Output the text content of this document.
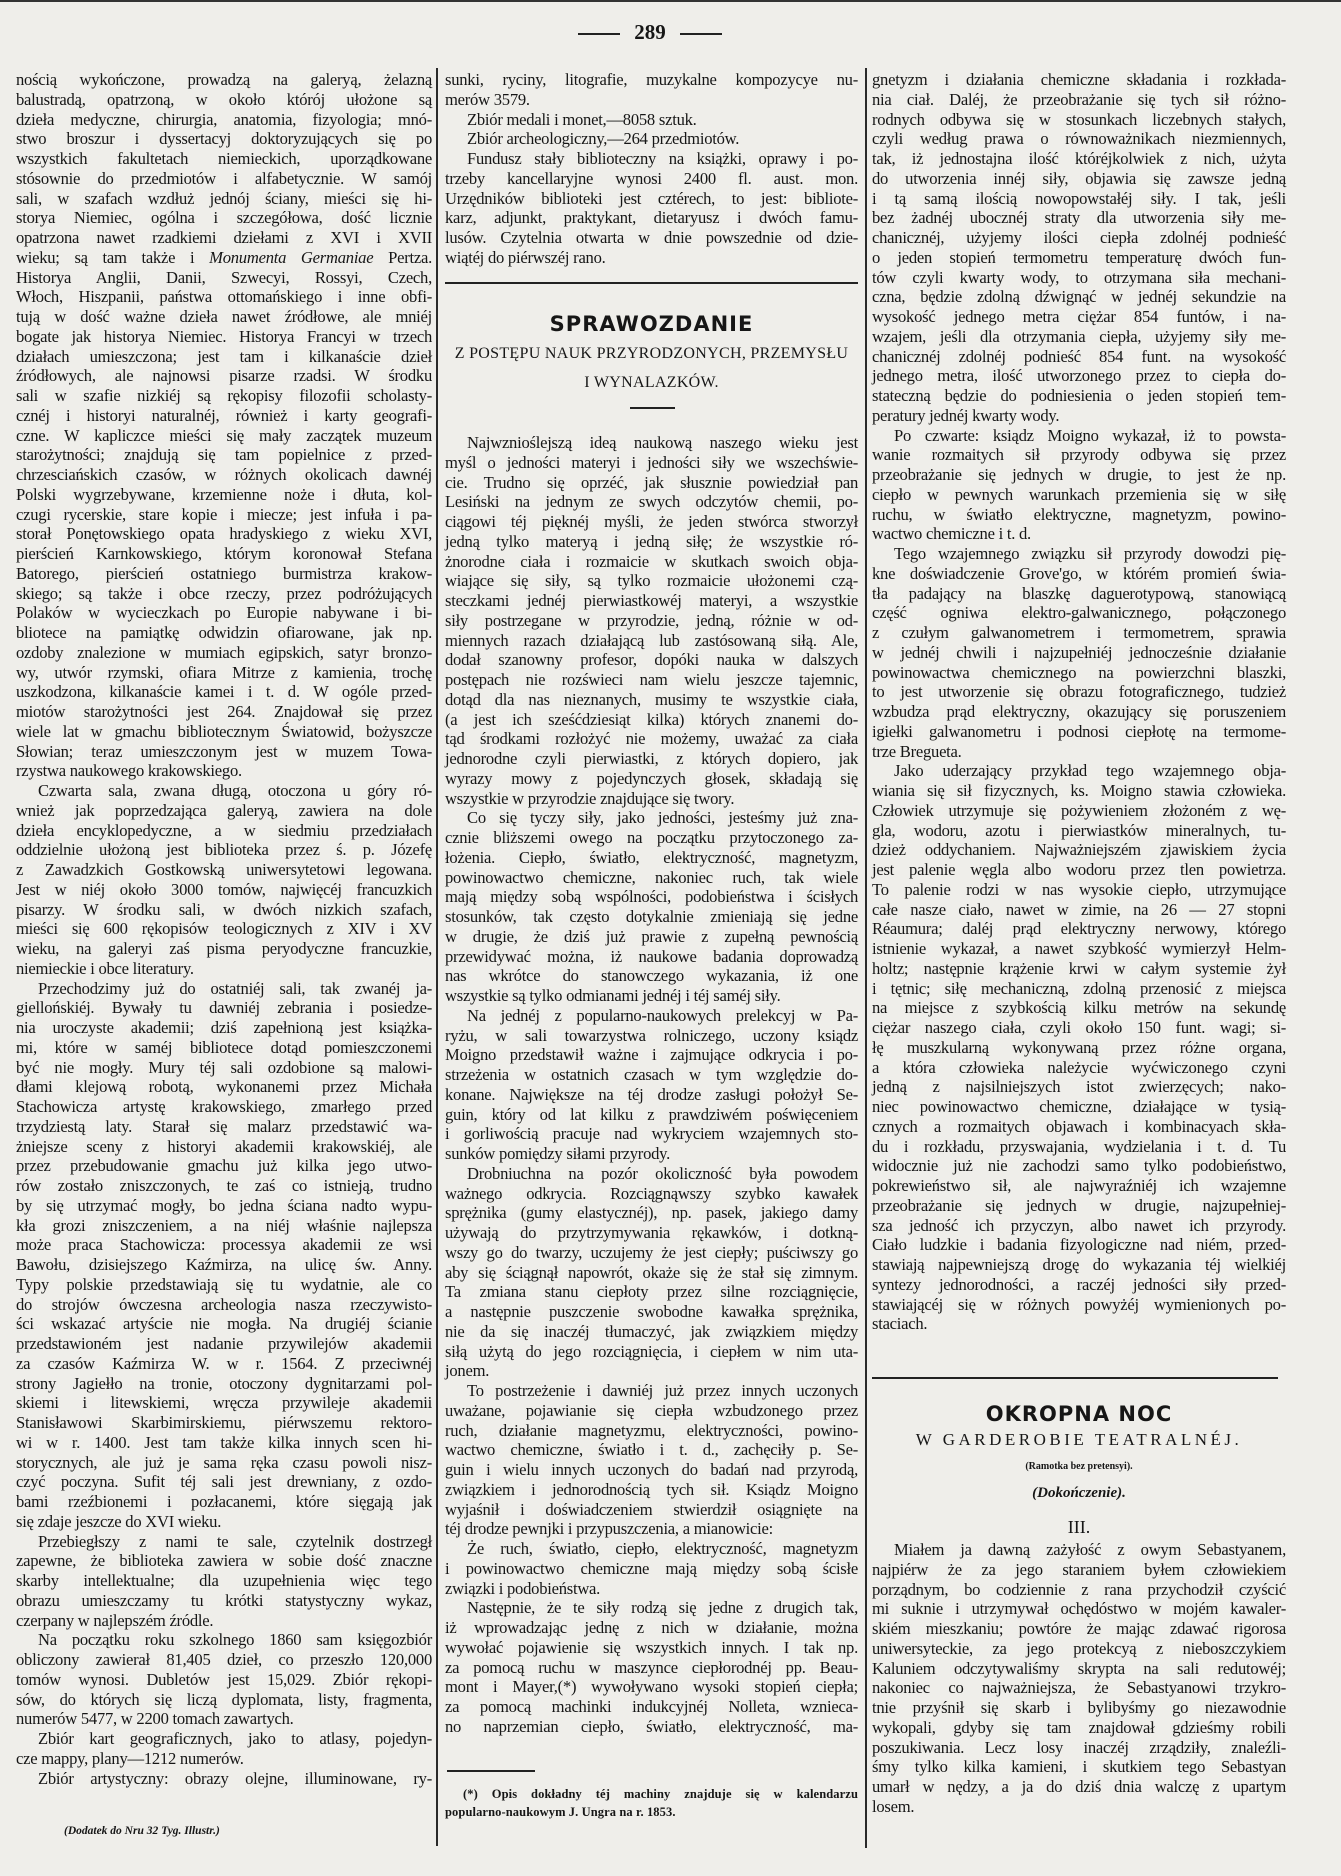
289
nością wykończone, prowadzą na galeryą, żelazną
balustradą, opatrzoną, w około którój ułożone są
dzieła medyczne, chirurgia, anatomia, fizyologia; mnó-
stwo broszur i dyssertacyj doktoryzujących się po
wszystkich fakultetach niemieckich, uporządkowane
stósownie do przedmiotów i alfabetycznie. W samój
sali, w szafach wzdłuż jednój ściany, mieści się hi-
storya Niemiec, ogólna i szczegółowa, dość licznie
opatrzona nawet rzadkiemi dziełami z XVI i XVII
wieku; są tam także i Monumenta Germaniae Pertza.
Historya Anglii, Danii, Szwecyi, Rossyi, Czech,
Włoch, Hiszpanii, państwa ottomańskiego i inne obfi-
tują w dość ważne dzieła nawet źródłowe, ale mniéj
bogate jak historya Niemiec. Historya Francyi w trzech
działach umieszczona; jest tam i kilkanaście dzieł
źródłowych, ale najnowsi pisarze rzadsi. W środku
sali w szafie nizkiéj są rękopisy filozofii scholasty-
cznéj i historyi naturalnéj, również i karty geografi-
czne. W kapliczce mieści się mały zaczątek muzeum
starożytności; znajdują się tam popielnice z przed-
chrzesciańskich czasów, w różnych okolicach dawnéj
Polski wygrzebywane, krzemienne noże i dłuta, kol-
czugi rycerskie, stare kopie i miecze; jest infuła i pa-
storał Ponętowskiego opata hradyskiego z wieku XVI,
pierścień Karnkowskiego, którym koronował Stefana
Batorego, pierścień ostatniego burmistrza krakow-
skiego; są także i obce rzeczy, przez podróżujących
Polaków w wycieczkach po Europie nabywane i bi-
bliotece na pamiątkę odwidzin ofiarowane, jak np.
ozdoby znalezione w mumiach egipskich, satyr bronzo-
wy, utwór rzymski, ofiara Mitrze z kamienia, trochę
uszkodzona, kilkanaście kamei i t. d. W ogóle przed-
miotów starożytności jest 264. Znajdował się przez
wiele lat w gmachu bibliotecznym Światowid, bożyszcze
Słowian; teraz umieszczonym jest w muzem Towa-
rzystwa naukowego krakowskiego.
Czwarta sala, zwana długą, otoczona u góry ró-
wnież jak poprzedzająca galeryą, zawiera na dole
dzieła encyklopedyczne, a w siedmiu przedziałach
oddzielnie ułożoną jest biblioteka przez ś. p. Józefę
z Zawadzkich Gostkowską uniwersytetowi legowana.
Jest w niéj około 3000 tomów, najwięcéj francuzkich
pisarzy. W środku sali, w dwóch nizkich szafach,
mieści się 600 rękopisów teologicznych z XIV i XV
wieku, na galeryi zaś pisma peryodyczne francuzkie,
niemieckie i obce literatury.
Przechodzimy już do ostatniéj sali, tak zwanéj ja-
giellońskiéj. Bywały tu dawniéj zebrania i posiedze-
nia uroczyste akademii; dziś zapełnioną jest książka-
mi, które w saméj bibliotece dotąd pomieszczonemi
być nie mogły. Mury téj sali ozdobione są malowi-
dłami klejową robotą, wykonanemi przez Michała
Stachowicza artystę krakowskiego, zmarłego przed
trzydziestą laty. Starał się malarz przedstawić wa-
żniejsze sceny z historyi akademii krakowskiéj, ale
przez przebudowanie gmachu już kilka jego utwo-
rów zostało zniszczonych, te zaś co istnieją, trudno
by się utrzymać mogły, bo jedna ściana nadto wypu-
kła grozi zniszczeniem, a na niéj właśnie najlepsza
może praca Stachowicza: processya akademii ze wsi
Bawołu, dzisiejszego Kaźmirza, na ulicę św. Anny.
Typy polskie przedstawiają się tu wydatnie, ale co
do strojów ówczesna archeologia nasza rzeczywisto-
ści wskazać artyście nie mogła. Na drugiéj ścianie
przedstawioném jest nadanie przywilejów akademii
za czasów Kaźmirza W. w r. 1564. Z przeciwnéj
strony Jagiełło na tronie, otoczony dygnitarzami pol-
skiemi i litewskiemi, wręcza przywileje akademii
Stanisławowi Skarbimirskiemu, piérwszemu rektoro-
wi w r. 1400. Jest tam także kilka innych scen hi-
storycznych, ale już je sama ręka czasu powoli nisz-
czyć poczyna. Sufit téj sali jest drewniany, z ozdo-
bami rzeźbionemi i pozłacanemi, które sięgają jak
się zdaje jeszcze do XVI wieku.
Przebiegłszy z nami te sale, czytelnik dostrzegł
zapewne, że biblioteka zawiera w sobie dość znaczne
skarby intellektualne; dla uzupełnienia więc tego
obrazu umieszczamy tu krótki statystyczny wykaz,
czerpany w najlepszém źródle.
Na początku roku szkolnego 1860 sam księgozbiór
obliczony zawierał 81,405 dzieł, co przeszło 120,000
tomów wynosi. Dubletów jest 15,029. Zbiór rękopi-
sów, do których się liczą dyplomata, listy, fragmenta,
numerów 5477, w 2200 tomach zawartych.
Zbiór kart geograficznych, jako to atlasy, pojedyn-
cze mappy, plany—1212 numerów.
Zbiór artystyczny: obrazy olejne, illuminowane, ry-
(Dodatek do Nru 32 Tyg. Illustr.)
sunki, ryciny, litografie, muzykalne kompozycye nu-
merów 3579.
Zbiór medali i monet,—8058 sztuk.
Zbiór archeologiczny,—264 przedmiotów.
Fundusz stały biblioteczny na książki, oprawy i po-
trzeby kancellaryjne wynosi 2400 fl. aust. mon.
Urzędników biblioteki jest cztérech, to jest: bibliote-
karz, adjunkt, praktykant, dietaryusz i dwóch famu-
lusów. Czytelnia otwarta w dnie powszednie od dzie-
wiątéj do piérwszéj rano.
SPRAWOZDANIE
Z POSTĘPU NAUK PRZYRODZONYCH, PRZEMYSŁU
I WYNALAZKÓW.
Najwznioślejszą ideą naukową naszego wieku jest
myśl o jedności materyi i jedności siły we wszechświe-
cie. Trudno się oprzéć, jak słusznie powiedział pan
Lesiński na jednym ze swych odczytów chemii, po-
ciągowi téj pięknéj myśli, że jeden stwórca stworzył
jedną tylko materyą i jedną siłę; że wszystkie ró-
żnorodne ciała i rozmaicie w skutkach swoich obja-
wiające się siły, są tylko rozmaicie ułożonemi czą-
steczkami jednéj pierwiastkowéj materyi, a wszystkie
siły postrzegane w przyrodzie, jedną, różnie w od-
miennych razach działającą lub zastósowaną siłą. Ale,
dodał szanowny profesor, dopóki nauka w dalszych
postępach nie rozświeci nam wielu jeszcze tajemnic,
dotąd dla nas nieznanych, musimy te wszystkie ciała,
(a jest ich sześćdziesiąt kilka) których znanemi do-
tąd środkami rozłożyć nie możemy, uważać za ciała
jednorodne czyli pierwiastki, z których dopiero, jak
wyrazy mowy z pojedynczych głosek, składają się
wszystkie w przyrodzie znajdujące się twory.
Co się tyczy siły, jako jedności, jesteśmy już zna-
cznie bliższemi owego na początku przytoczonego za-
łożenia. Ciepło, światło, elektryczność, magnetyzm,
powinowactwo chemiczne, nakoniec ruch, tak wiele
mają między sobą wspólności, podobieństwa i ścisłych
stosunków, tak często dotykalnie zmieniają się jedne
w drugie, że dziś już prawie z zupełną pewnością
przewidywać można, iż naukowe badania doprowadzą
nas wkrótce do stanowczego wykazania, iż one
wszystkie są tylko odmianami jednéj i téj saméj siły.
Na jednéj z popularno-naukowych prelekcyj w Pa-
ryżu, w sali towarzystwa rolniczego, uczony ksiądz
Moigno przedstawił ważne i zajmujące odkrycia i po-
strzeżenia w ostatnich czasach w tym względzie do-
konane. Największe na téj drodze zasługi położył Se-
guin, który od lat kilku z prawdziwém poświęceniem
i gorliwością pracuje nad wykryciem wzajemnych sto-
sunków pomiędzy siłami przyrody.
Drobniuchna na pozór okoliczność była powodem
ważnego odkrycia. Rozciągnąwszy szybko kawałek
sprężnika (gumy elastycznéj), np. pasek, jakiego damy
używają do przytrzymywania rękawków, i dotkną-
wszy go do twarzy, uczujemy że jest ciepły; puściwszy go
aby się ściągnął napowrót, okaże się że stał się zimnym.
Ta zmiana stanu ciepłoty przez silne rozciągnięcie,
a następnie puszczenie swobodne kawałka sprężnika,
nie da się inaczéj tłumaczyć, jak związkiem między
siłą użytą do jego rozciągnięcia, i ciepłem w nim uta-
jonem.
To postrzeżenie i dawniéj już przez innych uczonych
uważane, pojawianie się ciepła wzbudzonego przez
ruch, działanie magnetyzmu, elektryczności, powino-
wactwo chemiczne, światło i t. d., zachęciły p. Se-
guin i wielu innych uczonych do badań nad przyrodą,
związkiem i jednorodnością tych sił. Ksiądz Moigno
wyjaśnił i doświadczeniem stwierdził osiągnięte na
téj drodze pewnjki i przypuszczenia, a mianowicie:
Że ruch, światło, ciepło, elektryczność, magnetyzm
i powinowactwo chemiczne mają między sobą ścisłe
związki i podobieństwa.
Następnie, że te siły rodzą się jedne z drugich tak,
iż wprowadzając jednę z nich w działanie, można
wywołać pojawienie się wszystkich innych. I tak np.
za pomocą ruchu w maszynce ciepłorodnéj pp. Beau-
mont i Mayer,(*) wywoływano wysoki stopień ciepła;
za pomocą machinki indukcyjnéj Nolleta, wznieca-
no naprzemian ciepło, światło, elektryczność, ma-
(*) Opis dokładny téj machiny znajduje się w kalendarzu
popularno-naukowym J. Ungra na r. 1853.
gnetyzm i działania chemiczne składania i rozkłada-
nia ciał. Daléj, że przeobrażanie się tych sił różno-
rodnych odbywa się w stosunkach liczebnych stałych,
czyli według prawa o równoważnikach niezmiennych,
tak, iż jednostajna ilość któréjkolwiek z nich, użyta
do utworzenia innéj siły, objawia się zawsze jedną
i tą samą ilością nowopowstałéj siły. I tak, jeśli
bez żadnéj ubocznéj straty dla utworzenia siły me-
chanicznéj, użyjemy ilości ciepła zdolnéj podnieść
o jeden stopień termometru temperaturę dwóch fun-
tów czyli kwarty wody, to otrzymana siła mechani-
czna, będzie zdolną dźwignąć w jednéj sekundzie na
wysokość jednego metra ciężar 854 funtów, i na-
wzajem, jeśli dla otrzymania ciepła, użyjemy siły me-
chanicznéj zdolnéj podnieść 854 funt. na wysokość
jednego metra, ilość utworzonego przez to ciepła do-
stateczną będzie do podniesienia o jeden stopień tem-
peratury jednéj kwarty wody.
Po czwarte: ksiądz Moigno wykazał, iż to powsta-
wanie rozmaitych sił przyrody odbywa się przez
przeobrażanie się jednych w drugie, to jest że np.
ciepło w pewnych warunkach przemienia się w siłę
ruchu, w światło elektryczne, magnetyzm, powino-
wactwo chemiczne i t. d.
Tego wzajemnego związku sił przyrody dowodzi pię-
kne doświadczenie Grove'go, w którém promień świa-
tła padający na blaszkę daguerotypową, stanowiącą
część ogniwa elektro-galwanicznego, połączonego
z czułym galwanometrem i termometrem, sprawia
w jednéj chwili i najzupełniéj jednocześnie działanie
powinowactwa chemicznego na powierzchni blaszki,
to jest utworzenie się obrazu fotograficznego, tudzież
wzbudza prąd elektryczny, okazujący się poruszeniem
igiełki galwanometru i podnosi ciepłotę na termome-
trze Bregueta.
Jako uderzający przykład tego wzajemnego obja-
wiania się sił fizycznych, ks. Moigno stawia człowieka.
Człowiek utrzymuje się pożywieniem złożoném z wę-
gla, wodoru, azotu i pierwiastków mineralnych, tu-
dzież oddychaniem. Najważniejszém zjawiskiem życia
jest palenie węgla albo wodoru przez tlen powietrza.
To palenie rodzi w nas wysokie ciepło, utrzymujące
całe nasze ciało, nawet w zimie, na 26 — 27 stopni
Réaumura; daléj prąd elektryczny nerwowy, którego
istnienie wykazał, a nawet szybkość wymierzył Helm-
holtz; następnie krążenie krwi w całym systemie żył
i tętnic; siłę mechaniczną, zdolną przenosić z miejsca
na miejsce z szybkością kilku metrów na sekundę
ciężar naszego ciała, czyli około 150 funt. wagi; si-
łę muszkularną wykonywaną przez różne organa,
a która człowieka należycie wyćwiczonego czyni
jedną z najsilniejszych istot zwierzęcych; nako-
niec powinowactwo chemiczne, działające w tysią-
cznych a rozmaitych objawach i kombinacyach skła-
du i rozkładu, przyswajania, wydzielania i t. d. Tu
widocznie już nie zachodzi samo tylko podobieństwo,
pokrewieństwo sił, ale najwyraźniéj ich wzajemne
przeobrażanie się jednych w drugie, najzupełniej-
sza jedność ich przyczyn, albo nawet ich przyrody.
Ciało ludzkie i badania fizyologiczne nad niém, przed-
stawiają najpewniejszą drogę do wykazania téj wielkiéj
syntezy jednorodności, a raczéj jedności siły przed-
stawiającéj się w różnych powyżéj wymienionych po-
staciach.
OKROPNA NOC
W GARDEROBIE TEATRALNÉJ.
(Ramotka bez pretensyi).
(Dokończenie).
III.
Miałem ja dawną zażyłość z owym Sebastyanem,
najpiérw że za jego staraniem byłem człowiekiem
porządnym, bo codziennie z rana przychodził czyścić
mi suknie i utrzymywał ochędóstwo w mojém kawaler-
skiém mieszkaniu; powtóre że mając zdawać rigorosa
uniwersyteckie, za jego protekcyą z nieboszczykiem
Kaluniem odczytywaliśmy skrypta na sali redutowéj;
nakoniec co najważniejsza, że Sebastyanowi trzykro-
tnie przyśnił się skarb i bylibyśmy go niezawodnie
wykopali, gdyby się tam znajdował gdzieśmy robili
poszukiwania. Lecz losy inaczéj zrządziły, znaleźli-
śmy tylko kilka kamieni, i skutkiem tego Sebastyan
umarł w nędzy, a ja do dziś dnia walczę z upartym
losem.
